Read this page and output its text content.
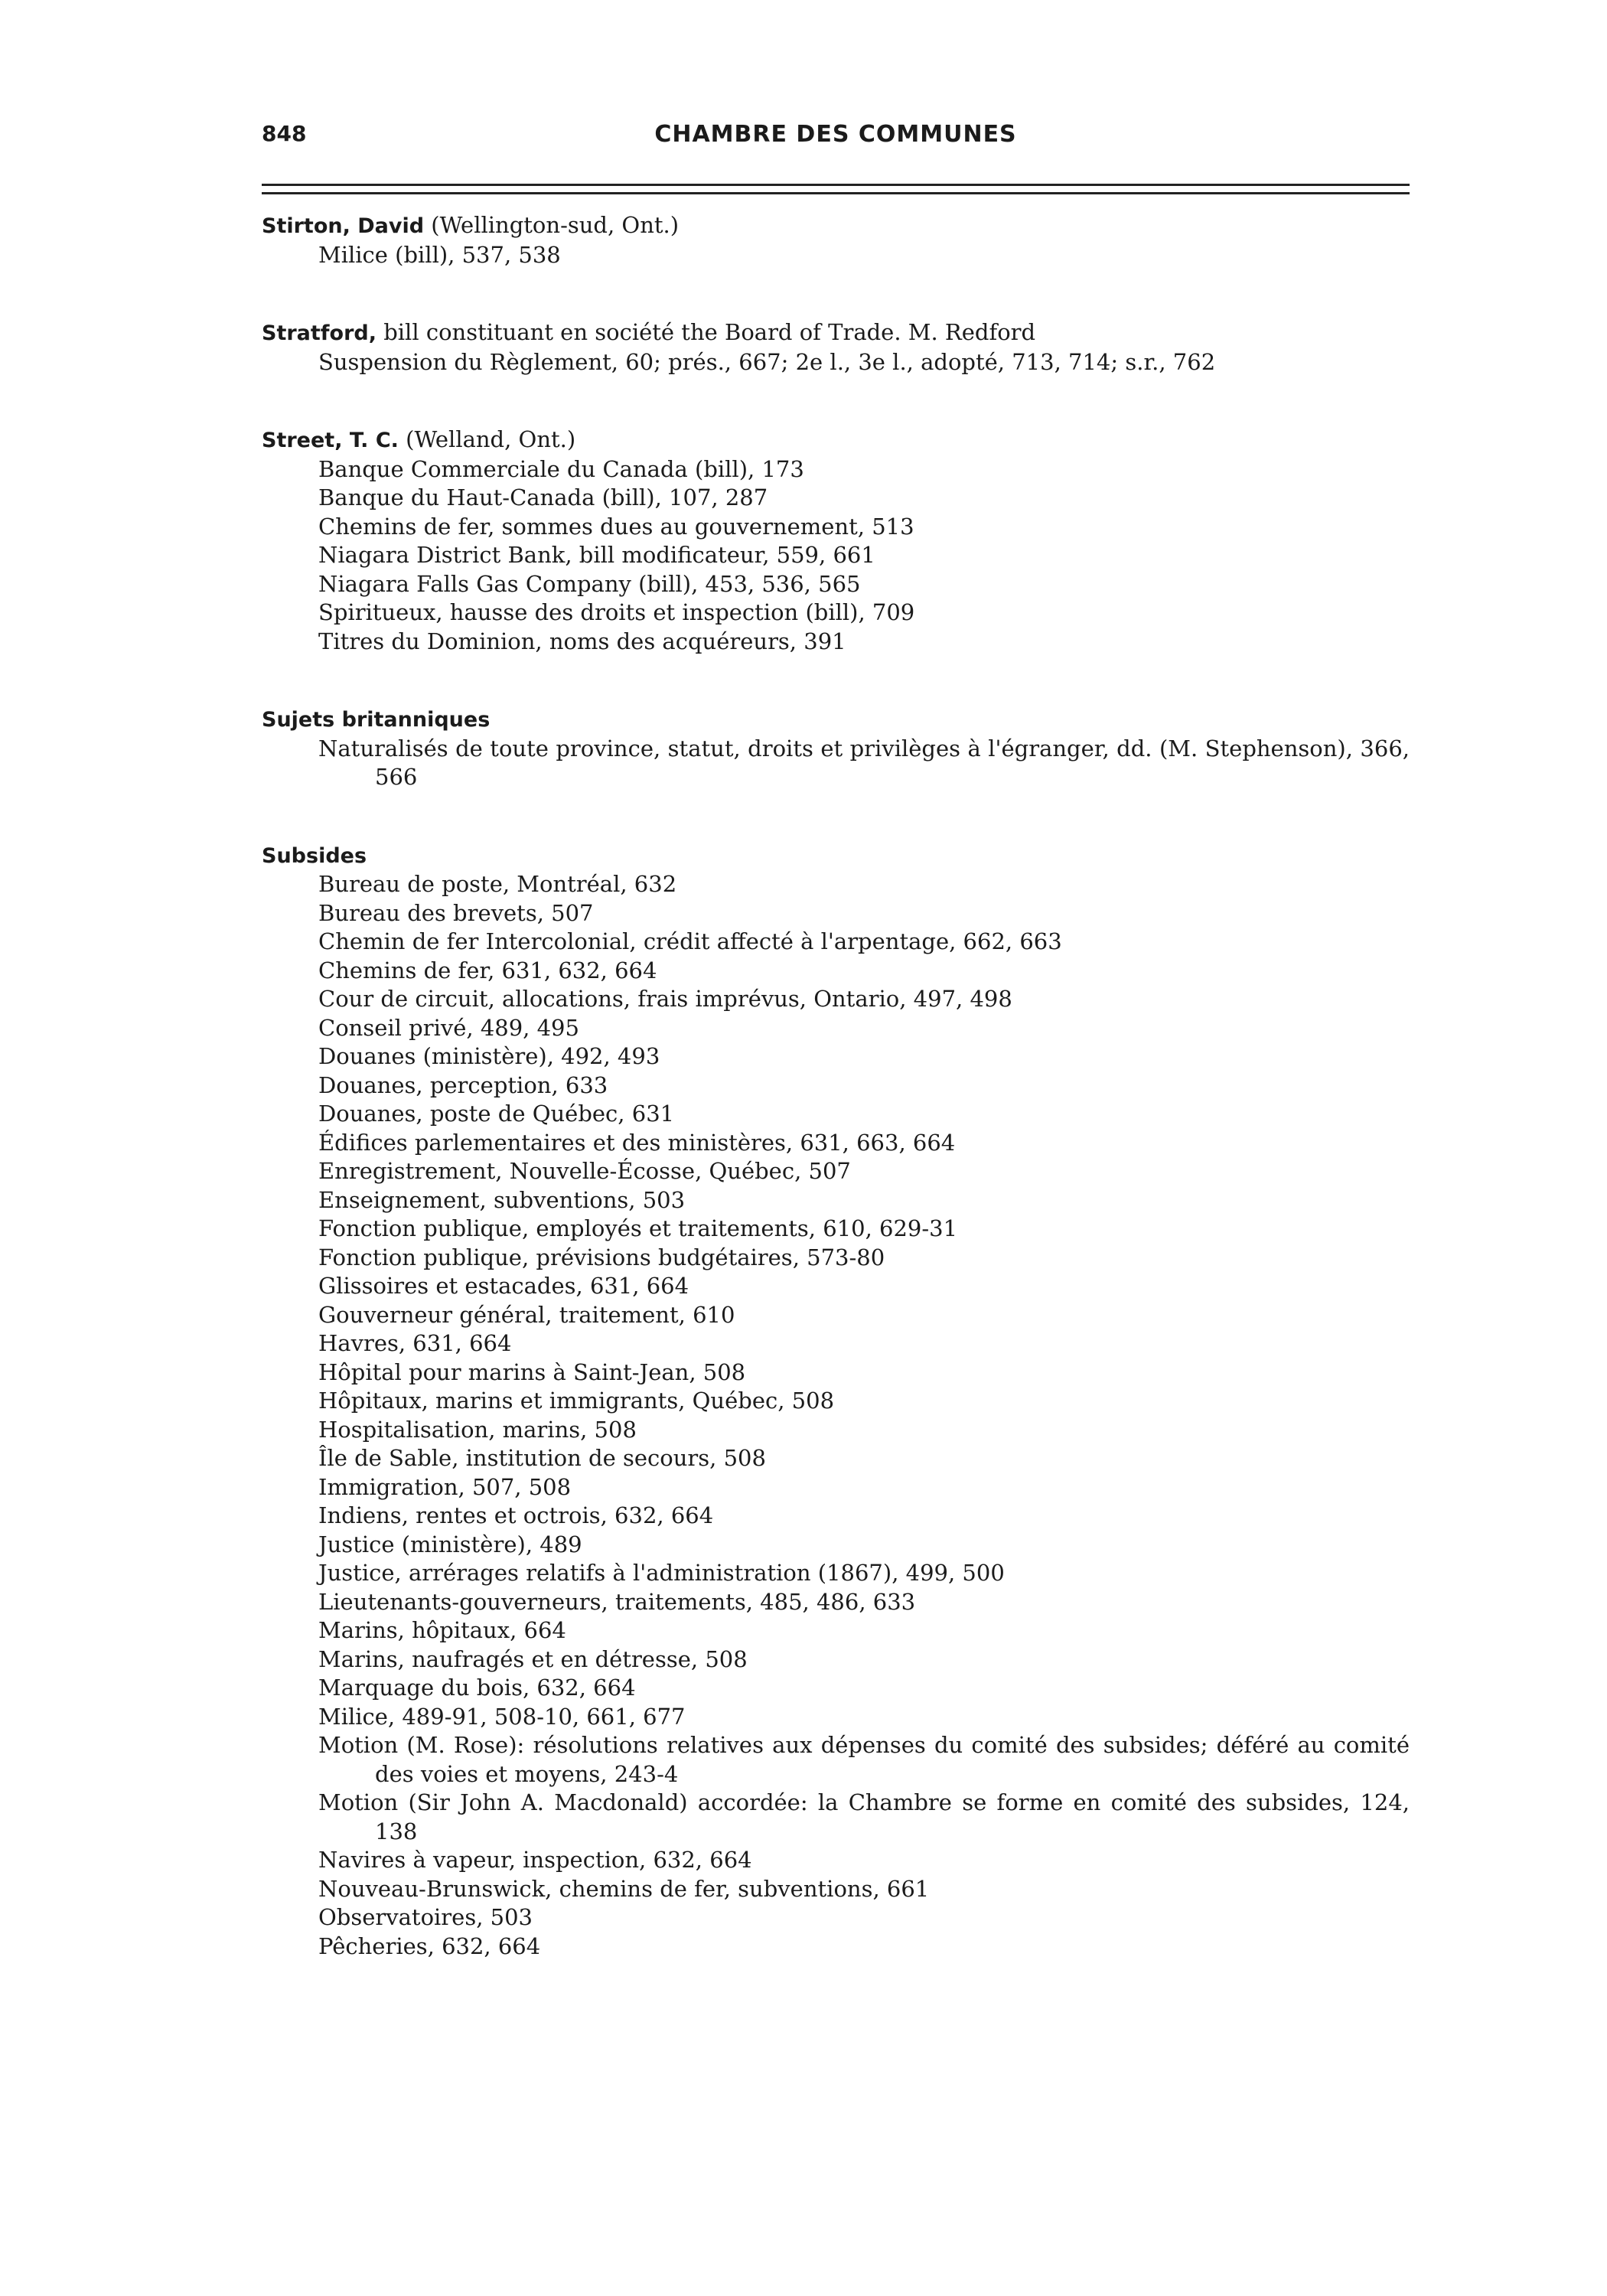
848	CHAMBRE DES COMMUNES

Stirton, David (Wellington-sud, Ont.)

Milice (bill), 537, 538

Stratford, bill constituant en société the Board of Trade. M. Redford

Suspension du Règlement, 60; prés., 667; 2e l., 3e l., adopté, 713, 714; s.r., 762

Street, T. C. (Welland, Ont.)

Banque Commerciale du Canada (bill), 173

Banque du Haut-Canada (bill), 107, 287

Chemins de fer, sommes dues au gouvernement, 513

Niagara District Bank, bill modificateur, 559, 661

Niagara Falls Gas Company (bill), 453, 536, 565

Spiritueux, hausse des droits et inspection (bill), 709

Titres du Dominion, noms des acquéreurs, 391

Sujets britanniques

Naturalisés de toute province, statut, droits et privilèges à l'égranger, dd. (M. Stephenson), 366, 566

Subsides

Bureau de poste, Montréal, 632

Bureau des brevets, 507

Chemin de fer Intercolonial, crédit affecté à l'arpentage, 662, 663

Chemins de fer, 631, 632, 664

Cour de circuit, allocations, frais imprévus, Ontario, 497, 498

Conseil privé, 489, 495

Douanes (ministère), 492, 493

Douanes, perception, 633

Douanes, poste de Québec, 631

Édifices parlementaires et des ministères, 631, 663, 664

Enregistrement, Nouvelle-Écosse, Québec, 507

Enseignement, subventions, 503

Fonction publique, employés et traitements, 610, 629-31

Fonction publique, prévisions budgétaires, 573-80

Glissoires et estacades, 631, 664

Gouverneur général, traitement, 610

Havres, 631, 664

Hôpital pour marins à Saint-Jean, 508

Hôpitaux, marins et immigrants, Québec, 508

Hospitalisation, marins, 508

Île de Sable, institution de secours, 508

Immigration, 507, 508

Indiens, rentes et octrois, 632, 664

Justice (ministère), 489

Justice, arrérages relatifs à l'administration (1867), 499, 500

Lieutenants-gouverneurs, traitements, 485, 486, 633

Marins, hôpitaux, 664

Marins, naufragés et en détresse, 508

Marquage du bois, 632, 664

Milice, 489-91, 508-10, 661, 677

Motion (M. Rose): résolutions relatives aux dépenses du comité des subsides; déféré au comité des voies et moyens, 243-4

Motion (Sir John A. Macdonald) accordée: la Chambre se forme en comité des subsides, 124, 138

Navires à vapeur, inspection, 632, 664

Nouveau-Brunswick, chemins de fer, subventions, 661

Observatoires, 503

Pêcheries, 632, 664
